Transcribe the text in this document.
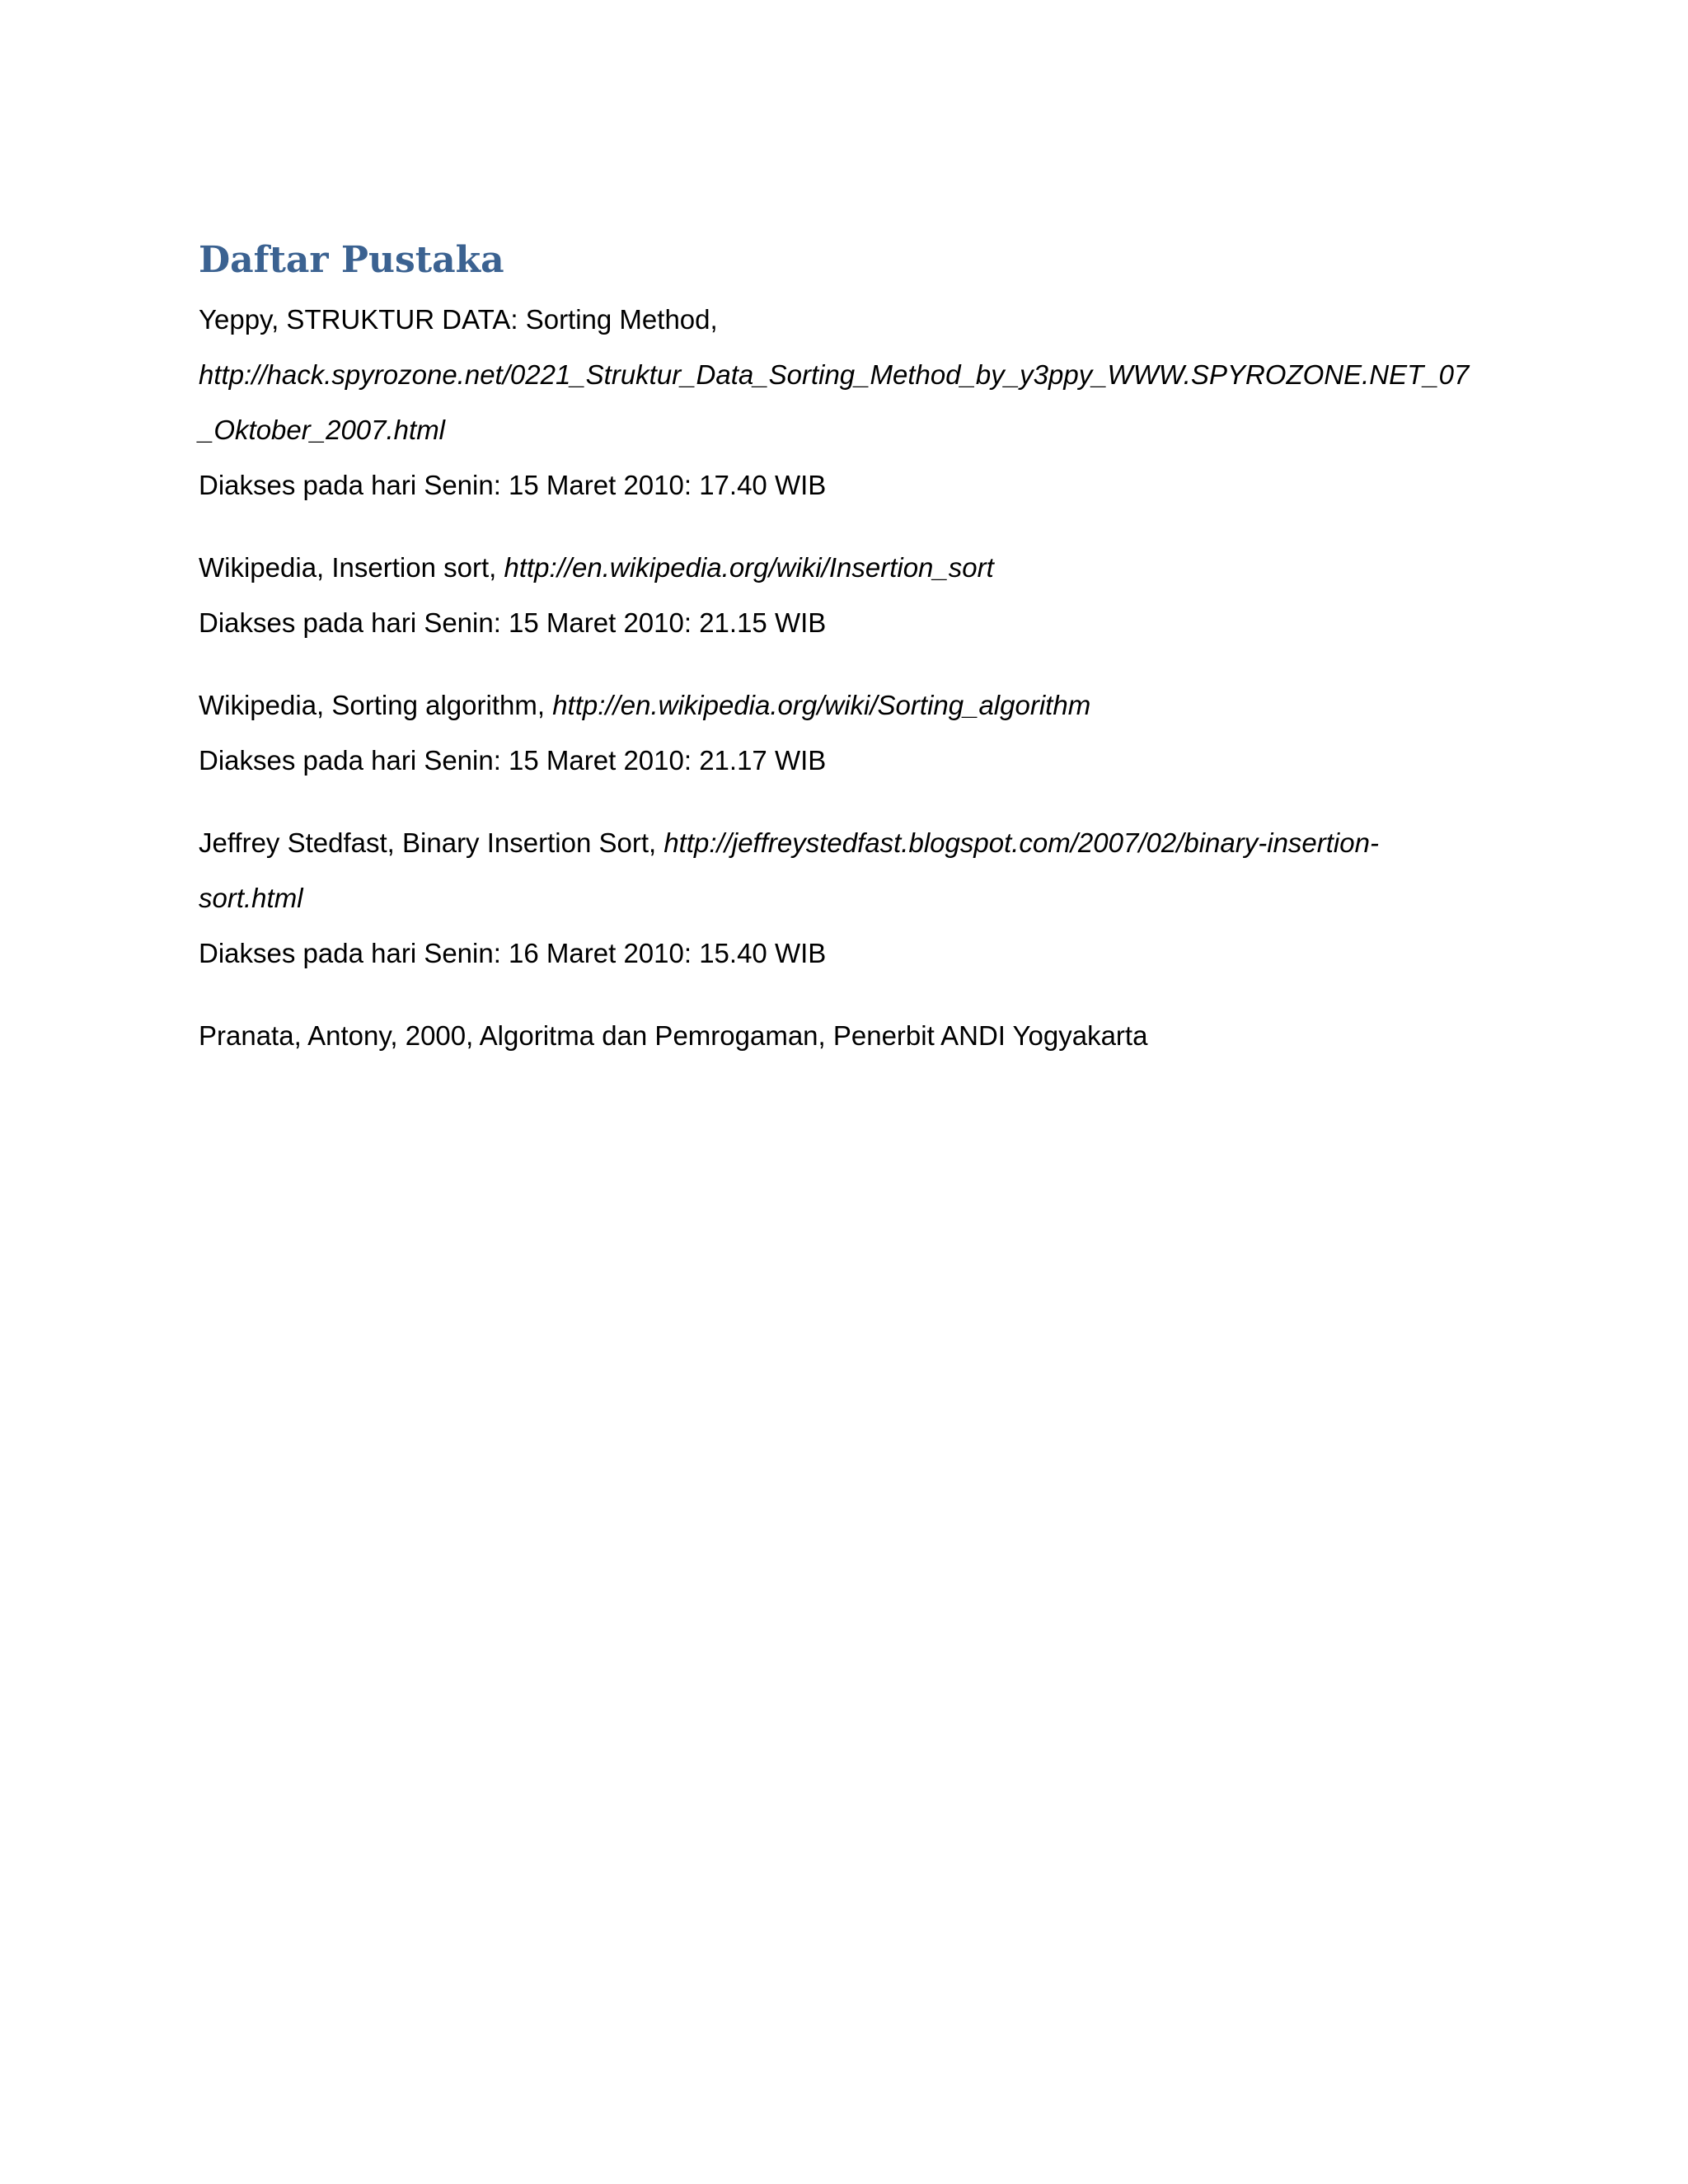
Daftar Pustaka

Yeppy, STRUKTUR DATA: Sorting Method,

http://hack.spyrozone.net/0221_Struktur_Data_Sorting_Method_by_y3ppy_WWW.SPYROZONE.NET_07

_Oktober_2007.html

Diakses pada hari Senin: 15 Maret 2010: 17.40 WIB

Wikipedia, Insertion sort, http://en.wikipedia.org/wiki/Insertion_sort

Diakses pada hari Senin: 15 Maret 2010: 21.15 WIB

Wikipedia, Sorting algorithm, http://en.wikipedia.org/wiki/Sorting_algorithm

Diakses pada hari Senin: 15 Maret 2010: 21.17 WIB

Jeffrey Stedfast, Binary Insertion Sort, http://jeffreystedfast.blogspot.com/2007/02/binary-insertion-

sort.html

Diakses pada hari Senin: 16 Maret 2010: 15.40 WIB

Pranata, Antony, 2000, Algoritma dan Pemrogaman, Penerbit ANDI Yogyakarta
